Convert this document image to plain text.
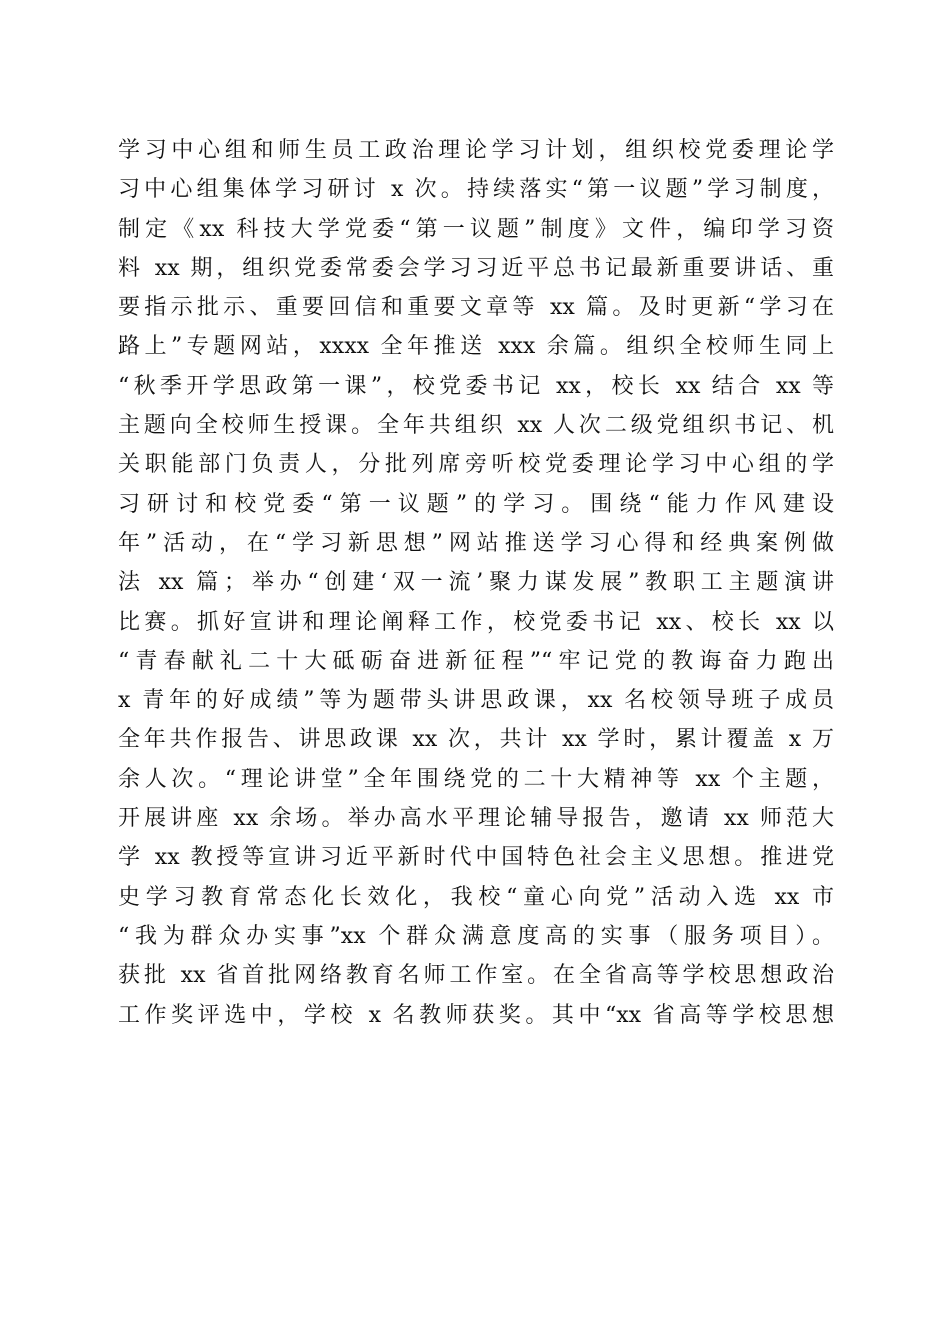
学习中心组和师生员工政治理论学习计划，组织校党委理论学
习中心组集体学习研讨 x 次。持续落实“第一议题”学习制度，
制定《xx 科技大学党委“第一议题”制度》文件，编印学习资
料 xx 期，组织党委常委会学习习近平总书记最新重要讲话、重
要指示批示、重要回信和重要文章等 xx 篇。及时更新“学习在
路上”专题网站，xxxx 全年推送 xxx 余篇。组织全校师生同上
“秋季开学思政第一课”，校党委书记 xx，校长 xx 结合 xx 等
主题向全校师生授课。全年共组织 xx 人次二级党组织书记、机
关职能部门负责人，分批列席旁听校党委理论学习中心组的学
习研讨和校党委“第一议题”的学习。围绕“能力作风建设
年”活动，在“学习新思想”网站推送学习心得和经典案例做
法 xx 篇；举办“创建‘双一流’聚力谋发展”教职工主题演讲
比赛。抓好宣讲和理论阐释工作，校党委书记 xx、校长 xx 以
“青春献礼二十大砥砺奋进新征程”“牢记党的教诲奋力跑出
x 青年的好成绩”等为题带头讲思政课，xx 名校领导班子成员
全年共作报告、讲思政课 xx 次，共计 xx 学时，累计覆盖 x 万
余人次。“理论讲堂”全年围绕党的二十大精神等 xx 个主题，
开展讲座 xx 余场。举办高水平理论辅导报告，邀请 xx 师范大
学 xx 教授等宣讲习近平新时代中国特色社会主义思想。推进党
史学习教育常态化长效化，我校“童心向党”活动入选 xx 市
“我为群众办实事”xx 个群众满意度高的实事（服务项目）。
获批 xx 省首批网络教育名师工作室。在全省高等学校思想政治
工作奖评选中，学校 x 名教师获奖。其中“xx 省高等学校思想
